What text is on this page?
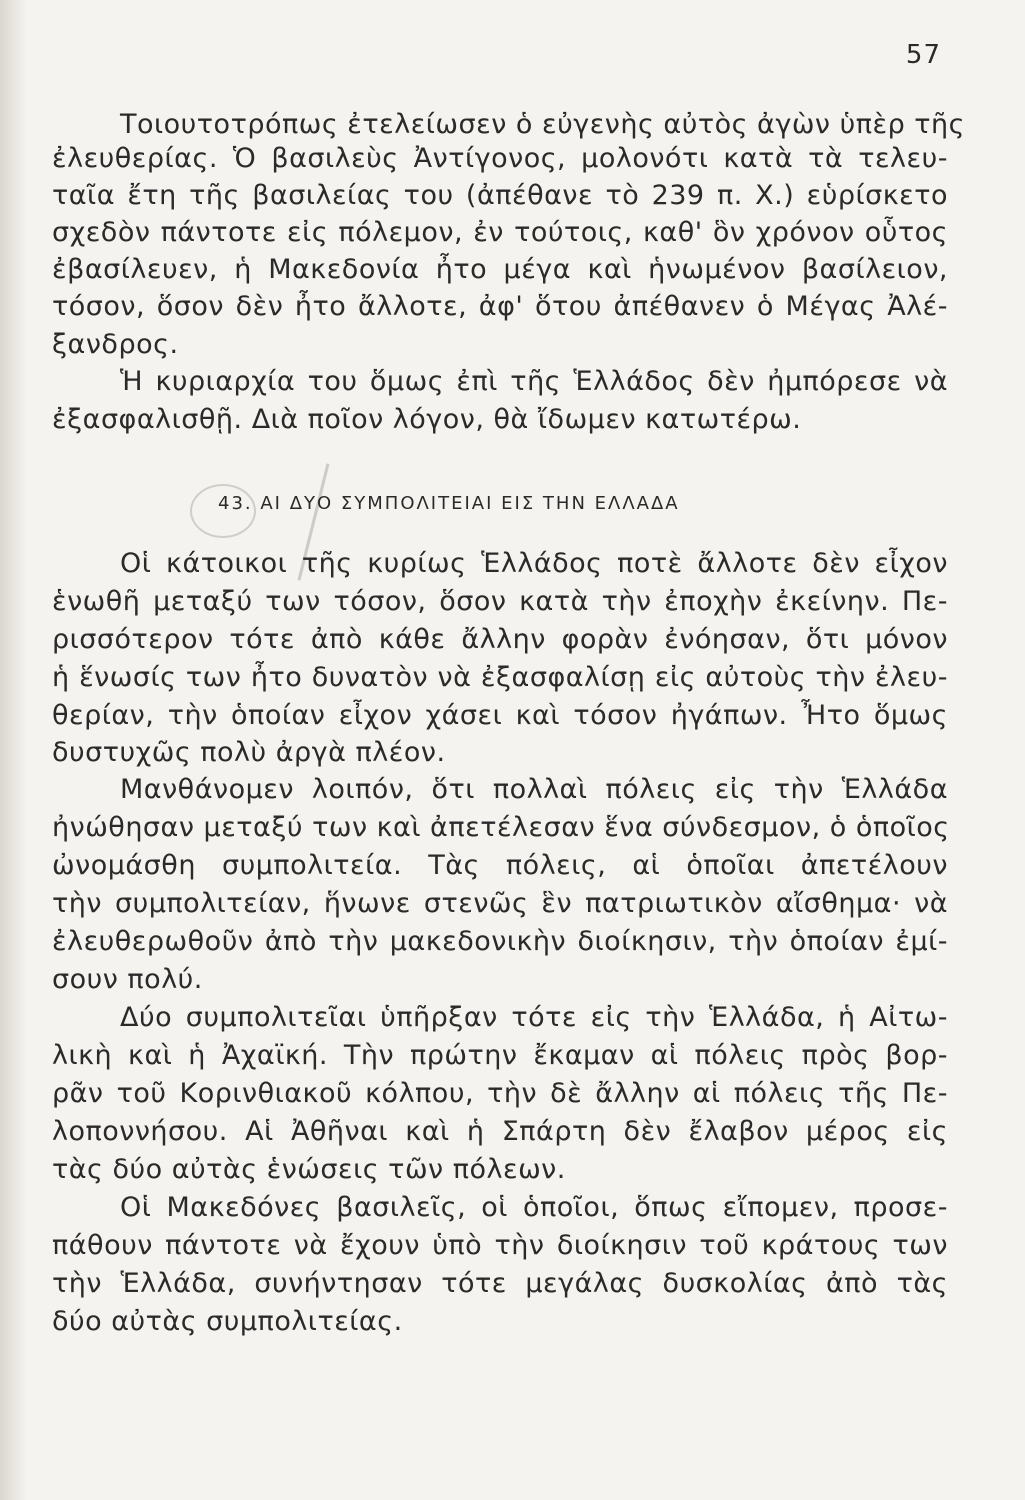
57
Τοιουτοτρόπως ἐτελείωσεν ὁ εὐγενὴς αὐτὸς ἀγὼν ὑπὲρ τῆς
ἐλευθερίας. Ὁ βασιλεὺς Ἀντίγονος, μολονότι κατὰ τὰ τελευ-
ταῖα ἔτη τῆς βασιλείας του (ἀπέθανε τὸ 239 π. Χ.) εὑρίσκετο
σχεδὸν πάντοτε εἰς πόλεμον, ἐν τούτοις, καθ' ὃν χρόνον οὗτος
ἐβασίλευεν, ἡ Μακεδονία ἦτο μέγα καὶ ἡνωμένον βασίλειον,
τόσον, ὅσον δὲν ἦτο ἄλλοτε, ἀφ' ὅτου ἀπέθανεν ὁ Μέγας Ἀλέ-
ξανδρος.
Ἡ κυριαρχία του ὅμως ἐπὶ τῆς Ἑλλάδος δὲν ἠμπόρεσε νὰ
ἐξασφαλισθῇ. Διὰ ποῖον λόγον, θὰ ἴδωμεν κατωτέρω.
43. ΑΙ ΔΥΟ ΣΥΜΠΟΛΙΤΕΙΑΙ ΕΙΣ ΤΗΝ ΕΛΛΑΔΑ
Οἱ κάτοικοι τῆς κυρίως Ἑλλάδος ποτὲ ἄλλοτε δὲν εἶχον
ἑνωθῆ μεταξύ των τόσον, ὅσον κατὰ τὴν ἐποχὴν ἐκείνην. Πε-
ρισσότερον τότε ἀπὸ κάθε ἄλλην φορὰν ἐνόησαν, ὅτι μόνον
ἡ ἕνωσίς των ἦτο δυνατὸν νὰ ἐξασφαλίσῃ εἰς αὐτοὺς τὴν ἐλευ-
θερίαν, τὴν ὁποίαν εἶχον χάσει καὶ τόσον ἠγάπων. Ἦτο ὅμως
δυστυχῶς πολὺ ἀργὰ πλέον.
Μανθάνομεν λοιπόν, ὅτι πολλαὶ πόλεις εἰς τὴν Ἑλλάδα
ἠνώθησαν μεταξύ των καὶ ἀπετέλεσαν ἕνα σύνδεσμον, ὁ ὁποῖος
ὠνομάσθη συμπολιτεία. Τὰς πόλεις, αἱ ὁποῖαι ἀπετέλουν
τὴν συμπολιτείαν, ἥνωνε στενῶς ἓν πατριωτικὸν αἴσθημα· νὰ
ἐλευθερωθοῦν ἀπὸ τὴν μακεδονικὴν διοίκησιν, τὴν ὁποίαν ἐμί-
σουν πολύ.
Δύο συμπολιτεῖαι ὑπῆρξαν τότε εἰς τὴν Ἑλλάδα, ἡ Αἰτω-
λικὴ καὶ ἡ Ἀχαϊκή. Τὴν πρώτην ἔκαμαν αἱ πόλεις πρὸς βορ-
ρᾶν τοῦ Κορινθιακοῦ κόλπου, τὴν δὲ ἄλλην αἱ πόλεις τῆς Πε-
λοποννήσου. Αἱ Ἀθῆναι καὶ ἡ Σπάρτη δὲν ἔλαβον μέρος εἰς
τὰς δύο αὐτὰς ἑνώσεις τῶν πόλεων.
Οἱ Μακεδόνες βασιλεῖς, οἱ ὁποῖοι, ὅπως εἴπομεν, προσε-
πάθουν πάντοτε νὰ ἔχουν ὑπὸ τὴν διοίκησιν τοῦ κράτους των
τὴν Ἑλλάδα, συνήντησαν τότε μεγάλας δυσκολίας ἀπὸ τὰς
δύο αὐτὰς συμπολιτείας.
